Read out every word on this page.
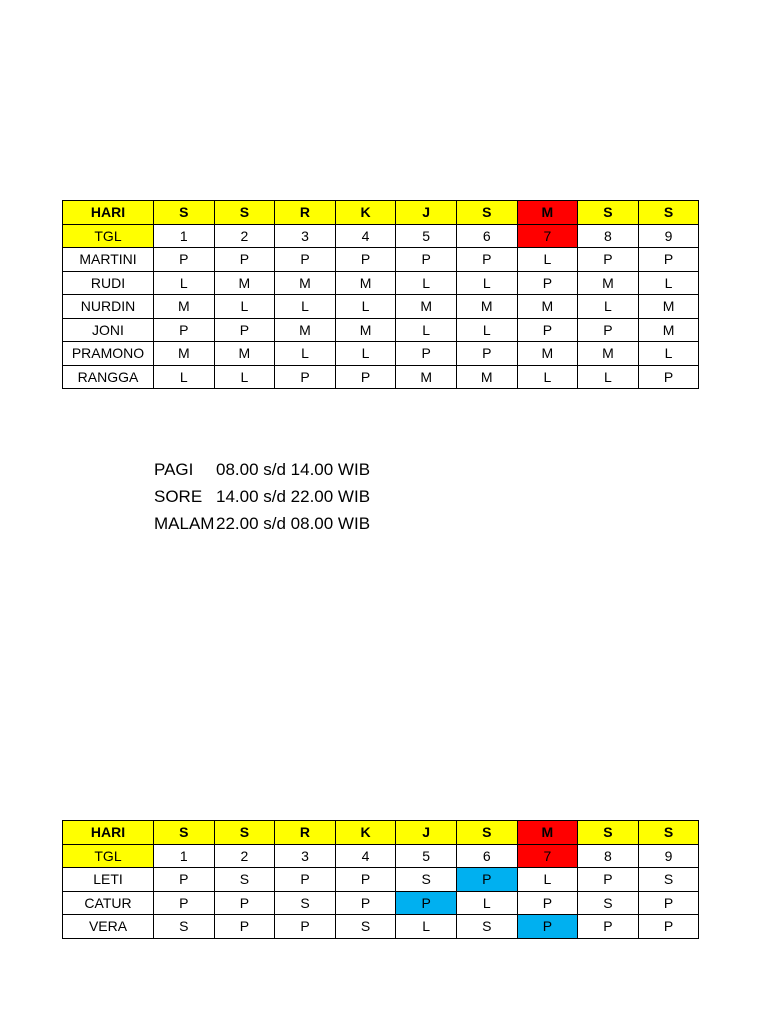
HARI	S	S	R	K	J	S	M	S	S
TGL	1	2	3	4	5	6	7	8	9
MARTINI	P	P	P	P	P	P	L	P	P
RUDI	L	M	M	M	L	L	P	M	L
NURDIN	M	L	L	L	M	M	M	L	M
JONI	P	P	M	M	L	L	P	P	M
PRAMONO	M	M	L	L	P	P	M	M	L
RANGGA	L	L	P	P	M	M	L	L	P
PAGI	08.00 s/d 14.00 WIB
SORE 14.00 s/d 22.00 WIB
MALAM 22.00 s/d 08.00 WIB
HARI	S	S	R	K	J	S	M	S	S
TGL	1	2	3	4	5	6	7	8	9
LETI	P	S	P	P	S	P	L	P	S
CATUR	P	P	S	P	P	L	P	S	P
VERA	S	P	P	S	L	S	P	P	P
